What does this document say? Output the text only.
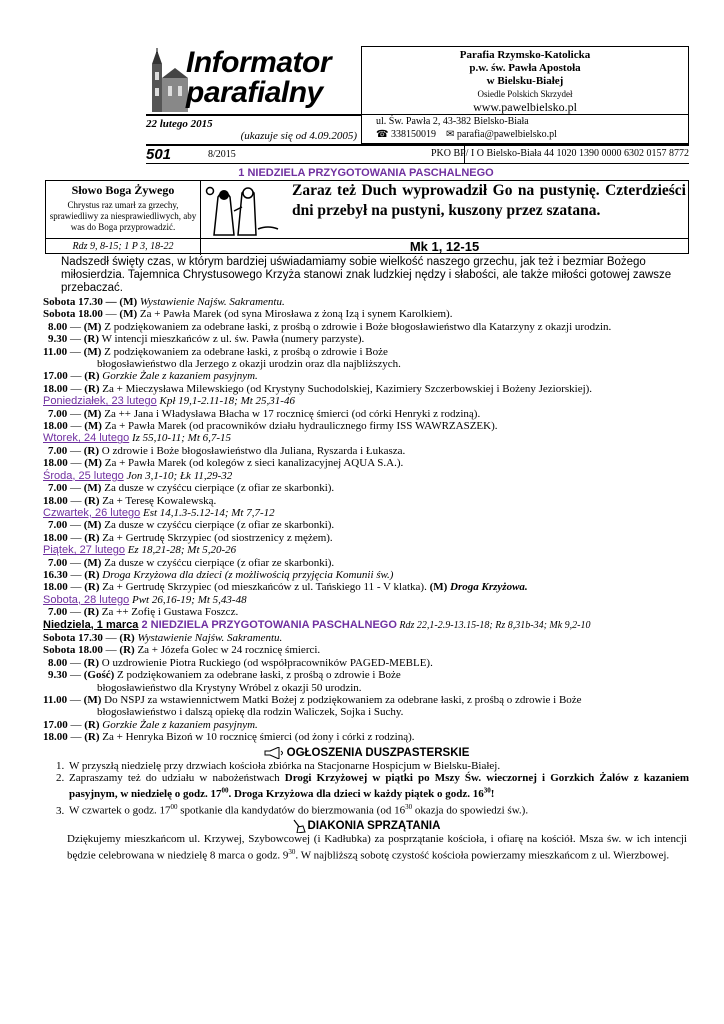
Informator
parafialny
Parafia Rzymsko-Katolicka
p.w. św. Pawła Apostoła
w Bielsku-Białej
Osiedle Polskich Skrzydeł
www.pawelbielsko.pl
22 lutego 2015
(ukazuje się od 4.09.2005)
ul. Św. Pawła 2, 43-382 Bielsko-Biała
☎ 338150019 ✉ parafia@pawelbielsko.pl
501	8/2015	PKO BP/ I O Bielsko-Biała 44 1020 1390 0000 6302 0157 8772
1 NIEDZIELA PRZYGOTOWANIA PASCHALNEGO
Słowo Boga Żywego
Chrystus raz umarł za grzechy, sprawiedliwy za niesprawiedliwych, aby was do Boga przyprowadzić.
Rdz 9, 8-15; 1 P 3, 18-22
Zaraz też Duch wyprowadził Go na pustynię. Czterdzieści dni przebył na pustyni, kuszony przez szatana.
Mk 1, 12-15
Nadszedł święty czas, w którym bardziej uświadamiamy sobie wielkość naszego grzechu, jak też i bezmiar Bożego miłosierdzia. Tajemnica Chrystusowego Krzyża stanowi znak ludzkiej nędzy i słabości, ale także miłości gotowej zawsze przebaczać.
Sobota 17.30 — (M) Wystawienie Najśw. Sakramentu.
Sobota 18.00 — (M) Za + Pawła Marek (od syna Mirosława z żoną Izą i synem Karolkiem).
8.00 — (M) Z podziękowaniem za odebrane łaski, z prośbą o zdrowie i Boże błogosławieństwo dla Katarzyny z okazji urodzin.
9.30 — (R) W intencji mieszkańców z ul. św. Pawła (numery parzyste).
11.00 — (M) Z podziękowaniem za odebrane łaski, z prośbą o zdrowie i Boże
błogosławieństwo dla Jerzego z okazji urodzin oraz dla najbliższych.
17.00 — (R) Gorzkie Żale z kazaniem pasyjnym.
18.00 — (R) Za + Mieczysława Milewskiego (od Krystyny Suchodolskiej, Kazimiery Szczerbowskiej i Bożeny Jeziorskiej).
Poniedziałek, 23 lutego Kpł 19,1-2.11-18; Mt 25,31-46
7.00 — (M) Za ++ Jana i Władysława Błacha w 17 rocznicę śmierci (od córki Henryki z rodziną).
18.00 — (M) Za + Pawła Marek (od pracowników działu hydraulicznego firmy ISS WAWRZASZEK).
Wtorek, 24 lutego Iz 55,10-11; Mt 6,7-15
7.00 — (R) O zdrowie i Boże błogosławieństwo dla Juliana, Ryszarda i Łukasza.
18.00 — (M) Za + Pawła Marek (od kolegów z sieci kanalizacyjnej AQUA S.A.).
Środa, 25 lutego Jon 3,1-10; Łk 11,29-32
7.00 — (M) Za dusze w czyśćcu cierpiące (z ofiar ze skarbonki).
18.00 — (R) Za + Teresę Kowalewską.
Czwartek, 26 lutego Est 14,1.3-5.12-14; Mt 7,7-12
7.00 — (M) Za dusze w czyśćcu cierpiące (z ofiar ze skarbonki).
18.00 — (R) Za + Gertrudę Skrzypiec (od siostrzenicy z mężem).
Piątek, 27 lutego Ez 18,21-28; Mt 5,20-26
7.00 — (M) Za dusze w czyśćcu cierpiące (z ofiar ze skarbonki).
16.30 — (R) Droga Krzyżowa dla dzieci (z możliwością przyjęcia Komunii św.)
18.00 — (R) Za + Gertrudę Skrzypiec (od mieszkańców z ul. Tańskiego 11 - V klatka). (M) Droga Krzyżowa.
Sobota, 28 lutego Pwt 26,16-19; Mt 5,43-48
7.00 — (R) Za ++ Zofię i Gustawa Foszcz.
Niedziela, 1 marca 2 NIEDZIELA PRZYGOTOWANIA PASCHALNEGO Rdz 22,1-2.9-13.15-18; Rz 8,31b-34; Mk 9,2-10
Sobota 17.30 — (R) Wystawienie Najśw. Sakramentu.
Sobota 18.00 — (R) Za + Józefa Golec w 24 rocznicę śmierci.
8.00 — (R) O uzdrowienie Piotra Ruckiego (od współpracowników PAGED-MEBLE).
9.30 — (Gość) Z podziękowaniem za odebrane łaski, z prośbą o zdrowie i Boże
błogosławieństwo dla Krystyny Wróbel z okazji 50 urodzin.
11.00 — (M) Do NSPJ za wstawiennictwem Matki Bożej z podziękowaniem za odebrane łaski, z prośbą o zdrowie i Boże
błogosławieństwo i dalszą opiekę dla rodzin Waliczek, Sojka i Suchy.
17.00 — (R) Gorzkie Żale z kazaniem pasyjnym.
18.00 — (R) Za + Henryka Bizoń w 10 rocznicę śmierci (od żony i córki z rodziną).
OGŁOSZENIA DUSZPASTERSKIE
1. W przyszłą niedzielę przy drzwiach kościoła zbiórka na Stacjonarne Hospicjum w Bielsku-Białej.
2. Zapraszamy też do udziału w nabożeństwach Drogi Krzyżowej w piątki po Mszy Św. wieczornej i Gorzkich Żalów z kazaniem pasyjnym, w niedzielę o godz. $17^{00}$. Droga Krzyżowa dla dzieci w każdy piątek o godz. $16^{30}$!
3. W czwartek o godz. $17^{00}$ spotkanie dla kandydatów do bierzmowania (od $16^{30}$ okazja do spowiedzi św.).
DIAKONIA SPRZĄTANIA
Dziękujemy mieszkańcom ul. Krzywej, Szybowcowej (i Kadłubka) za posprzątanie kościoła, i ofiarę na kościół. Msza św. w ich intencji będzie celebrowana w niedzielę 8 marca o godz. $9^{30}$. W najbliższą sobotę czystość kościoła powierzamy mieszkańcom z ul. Wierzbowej.
